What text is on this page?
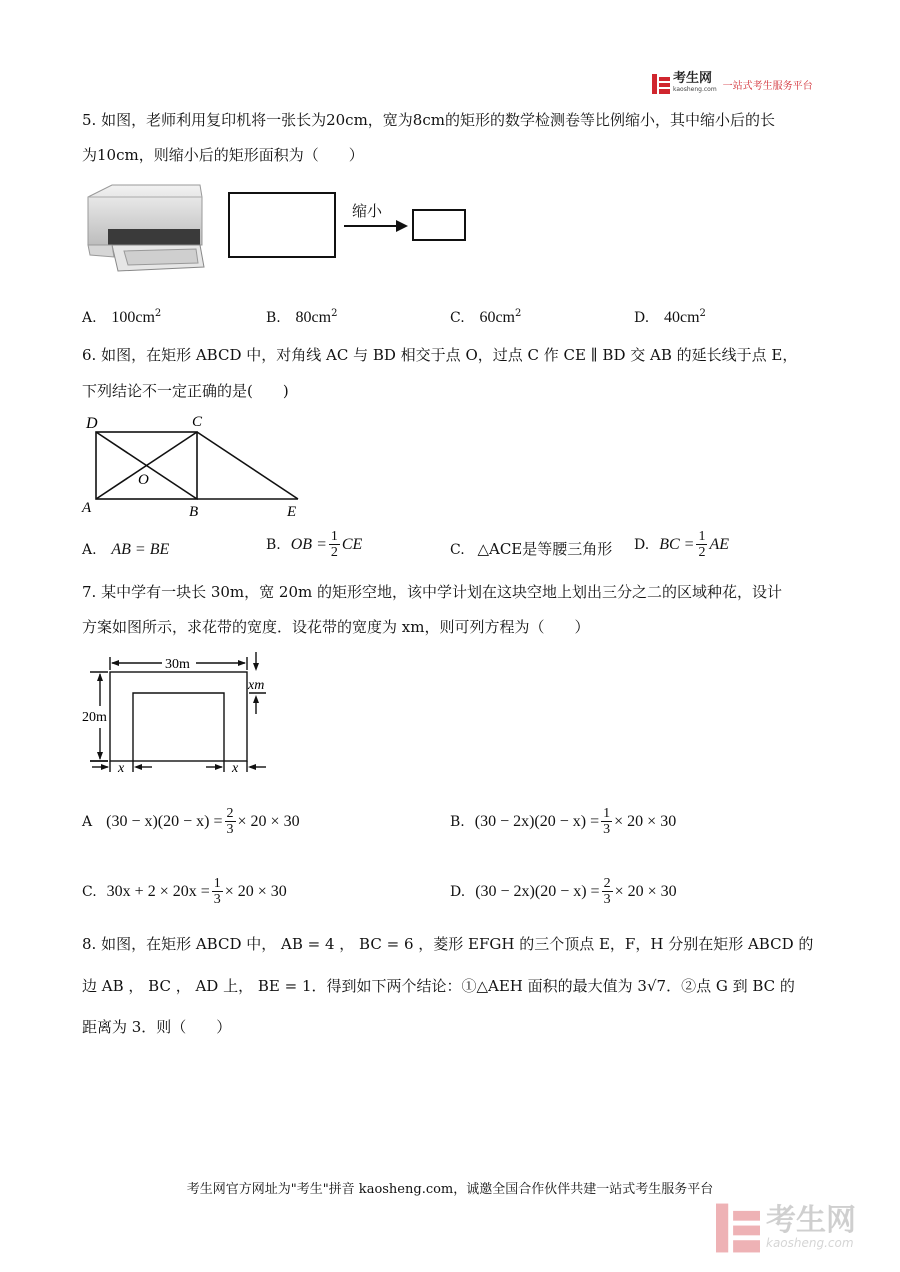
考生网
kaosheng.com 一站式考生服务平台
5. 如图，老师利用复印机将一张长为20cm，宽为8cm的矩形的数学检测卷等比例缩小，其中缩小后的长
为10cm，则缩小后的矩形面积为（　　）
缩小
A. $100cm^2$	B. $80cm^2$	C. $60cm^2$	D. $40cm^2$
6. 如图，在矩形 ABCD 中，对角线 AC 与 BD 相交于点 O，过点 C 作 CE ∥ BD 交 AB 的延长线于点 E，
下列结论不一定正确的是(　　)
D	C
O
A	B	E
A. AB = BE	B. OB = $\frac{1}{2}$ CE	C. △ACE是等腰三角形 D. BC = $\frac{1}{2}$ AE
7. 某中学有一块长 30m，宽 20m 的矩形空地，该中学计划在这块空地上划出三分之二的区域种花，设计
方案如图所示，求花带的宽度．设花带的宽度为 xm，则可列方程为（　　）
30m
20m
xm
x	x
A $(30 - x)(20 - x) = \frac{2}{3} \times 20 \times 30$	B. $(30 - 2x)(20 - x) = \frac{1}{3} \times 20 \times 30$
C. $30x + 2 \times 20x = \frac{1}{3} \times 20 \times 30$	D. $(30 - 2x)(20 - x) = \frac{2}{3} \times 20 \times 30$
8. 如图，在矩形 ABCD 中， AB = 4 ， BC = 6 ，菱形 EFGH 的三个顶点 E，F，H 分别在矩形 ABCD 的
边 AB ， BC ， AD 上， BE = 1．得到如下两个结论：①△AEH 面积的最大值为 3√7．②点 G 到 BC 的
距离为 3．则（　　）
考生网官方网址为"考生"拼音 kaosheng.com，诚邀全国合作伙伴共建一站式考生服务平台
考生网
kaosheng.com
